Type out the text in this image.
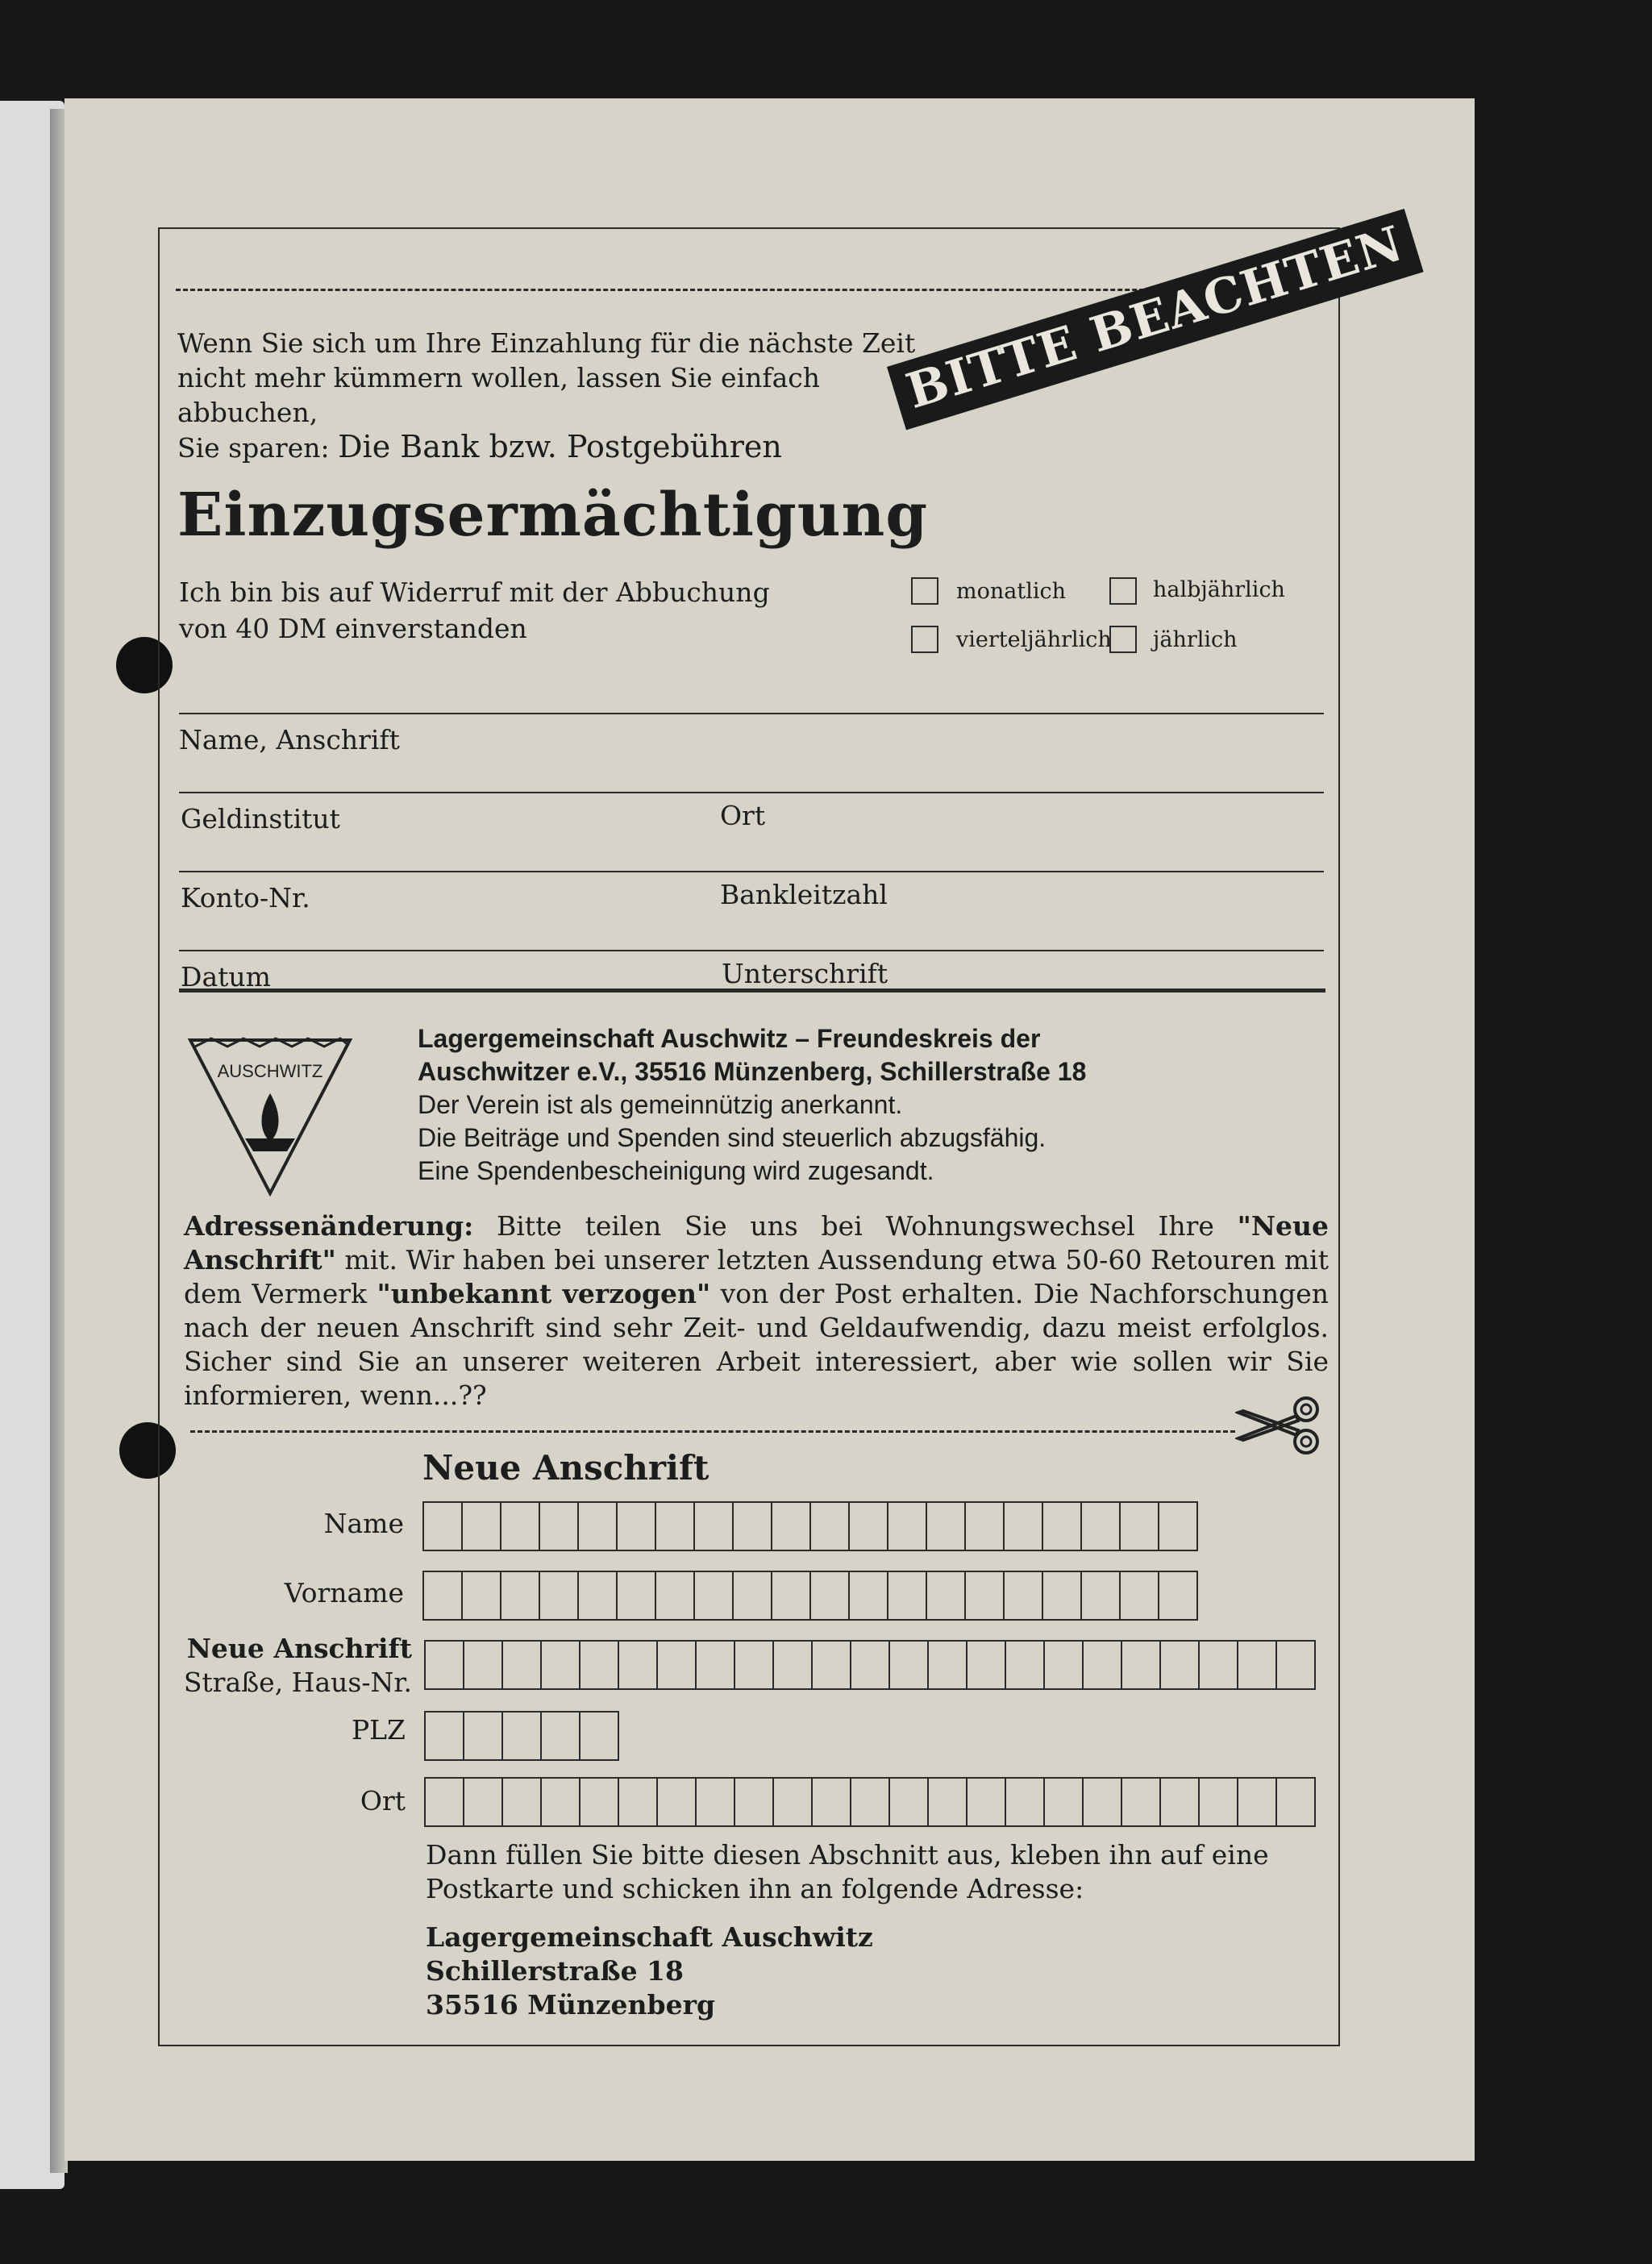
Wenn Sie sich um Ihre Einzahlung für die nächste Zeit
nicht mehr kümmern wollen, lassen Sie einfach abbuchen,
Sie sparen: Die Bank bzw. Postgebühren
BITTE BEACHTEN
Einzugsermächtigung
Ich bin bis auf Widerruf mit der Abbuchung
von 40 DM einverstanden
monatlich	halbjährlich
vierteljährlich jährlich
Name, Anschrift
Geldinstitut	Ort
Konto-Nr.	Bankleitzahl
Datum	Unterschrift
AUSCHWITZ
Lagergemeinschaft Auschwitz – Freundeskreis der
Auschwitzer e.V., 35516 Münzenberg, Schillerstraße 18
Der Verein ist als gemeinnützig anerkannt.
Die Beiträge und Spenden sind steuerlich abzugsfähig.
Eine Spendenbescheinigung wird zugesandt.
Adressenänderung: Bitte teilen Sie uns bei Wohnungswechsel Ihre "Neue Anschrift" mit. Wir haben bei unserer letzten Aussendung etwa 50-60 Retouren mit dem Vermerk "unbekannt verzogen" von der Post erhalten. Die Nachforschungen nach der neuen Anschrift sind sehr Zeit- und Geldaufwendig, dazu meist erfolglos. Sicher sind Sie an unserer weiteren Arbeit interessiert, aber wie sollen wir Sie informieren, wenn...??
Neue Anschrift
Name
Vorname
Neue Anschrift
Straße, Haus-Nr.
PLZ
Ort
Dann füllen Sie bitte diesen Abschnitt aus, kleben ihn auf eine
Postkarte und schicken ihn an folgende Adresse:
Lagergemeinschaft Auschwitz
Schillerstraße 18
35516 Münzenberg
